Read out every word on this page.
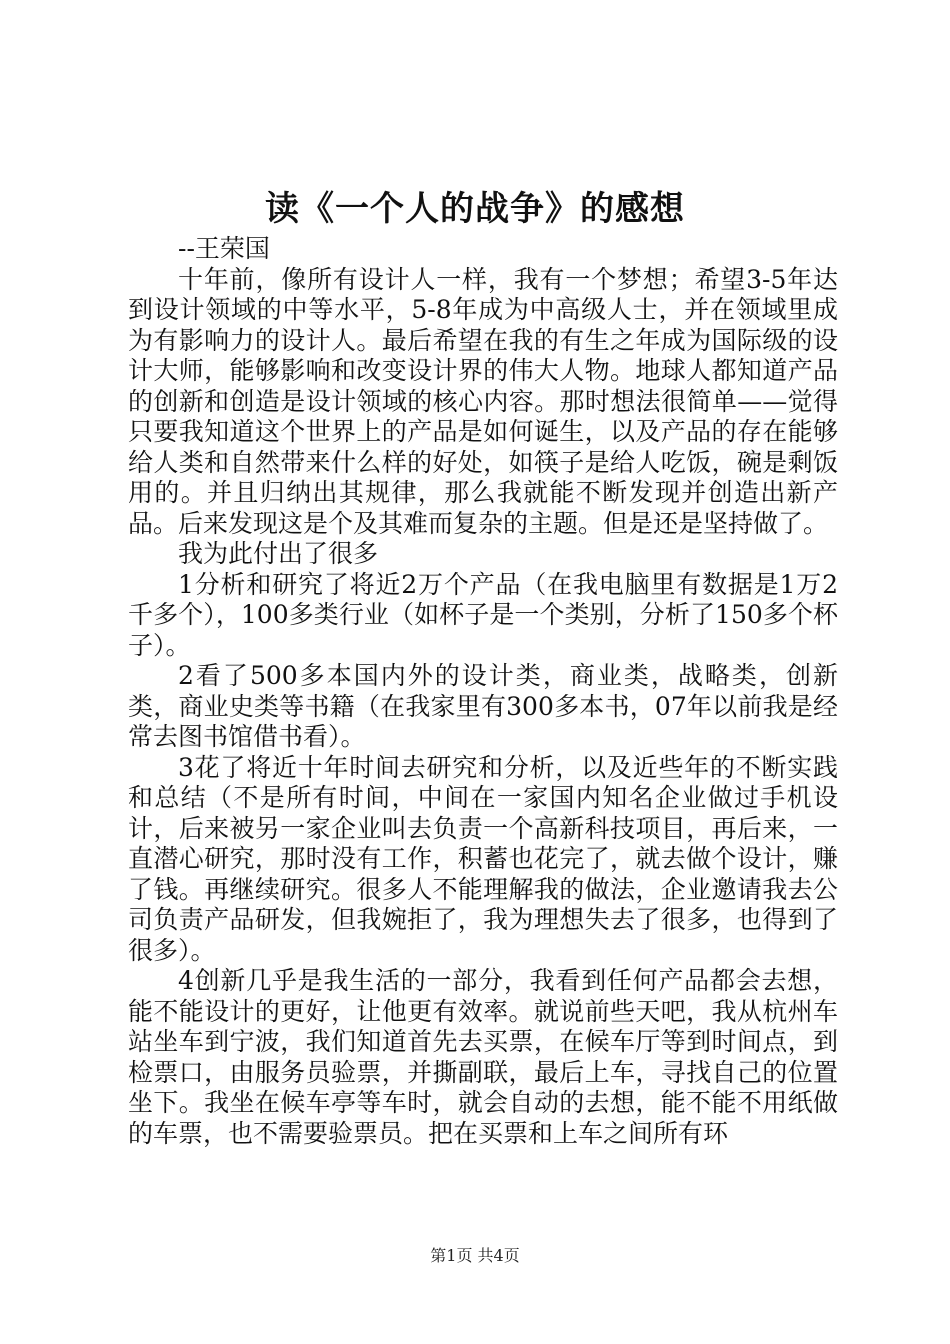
读《一个人的战争》的感想

--王荣国

十年前，像所有设计人一样，我有一个梦想；希望3-5年达到设计领域的中等水平，5-8年成为中高级人士，并在领域里成为有影响力的设计人。最后希望在我的有生之年成为国际级的设计大师，能够影响和改变设计界的伟大人物。地球人都知道产品的创新和创造是设计领域的核心内容。那时想法很简单——觉得只要我知道这个世界上的产品是如何诞生，以及产品的存在能够给人类和自然带来什么样的好处，如筷子是给人吃饭，碗是剩饭用的。并且归纳出其规律，那么我就能不断发现并创造出新产品。后来发现这是个及其难而复杂的主题。但是还是坚持做了。

我为此付出了很多

1分析和研究了将近2万个产品（在我电脑里有数据是1万2千多个），100多类行业（如杯子是一个类别，分析了150多个杯子）。

2看了500多本国内外的设计类，商业类，战略类，创新类，商业史类等书籍（在我家里有300多本书，07年以前我是经常去图书馆借书看）。

3花了将近十年时间去研究和分析，以及近些年的不断实践和总结（不是所有时间，中间在一家国内知名企业做过手机设计，后来被另一家企业叫去负责一个高新科技项目，再后来，一直潜心研究，那时没有工作，积蓄也花完了，就去做个设计，赚了钱。再继续研究。很多人不能理解我的做法，企业邀请我去公司负责产品研发，但我婉拒了，我为理想失去了很多，也得到了很多）。

4创新几乎是我生活的一部分，我看到任何产品都会去想，能不能设计的更好，让他更有效率。就说前些天吧，我从杭州车站坐车到宁波，我们知道首先去买票，在候车厅等到时间点，到检票口，由服务员验票，并撕副联，最后上车，寻找自己的位置坐下。我坐在候车亭等车时，就会自动的去想，能不能不用纸做的车票，也不需要验票员。把在买票和上车之间所有环

第1页 共4页
